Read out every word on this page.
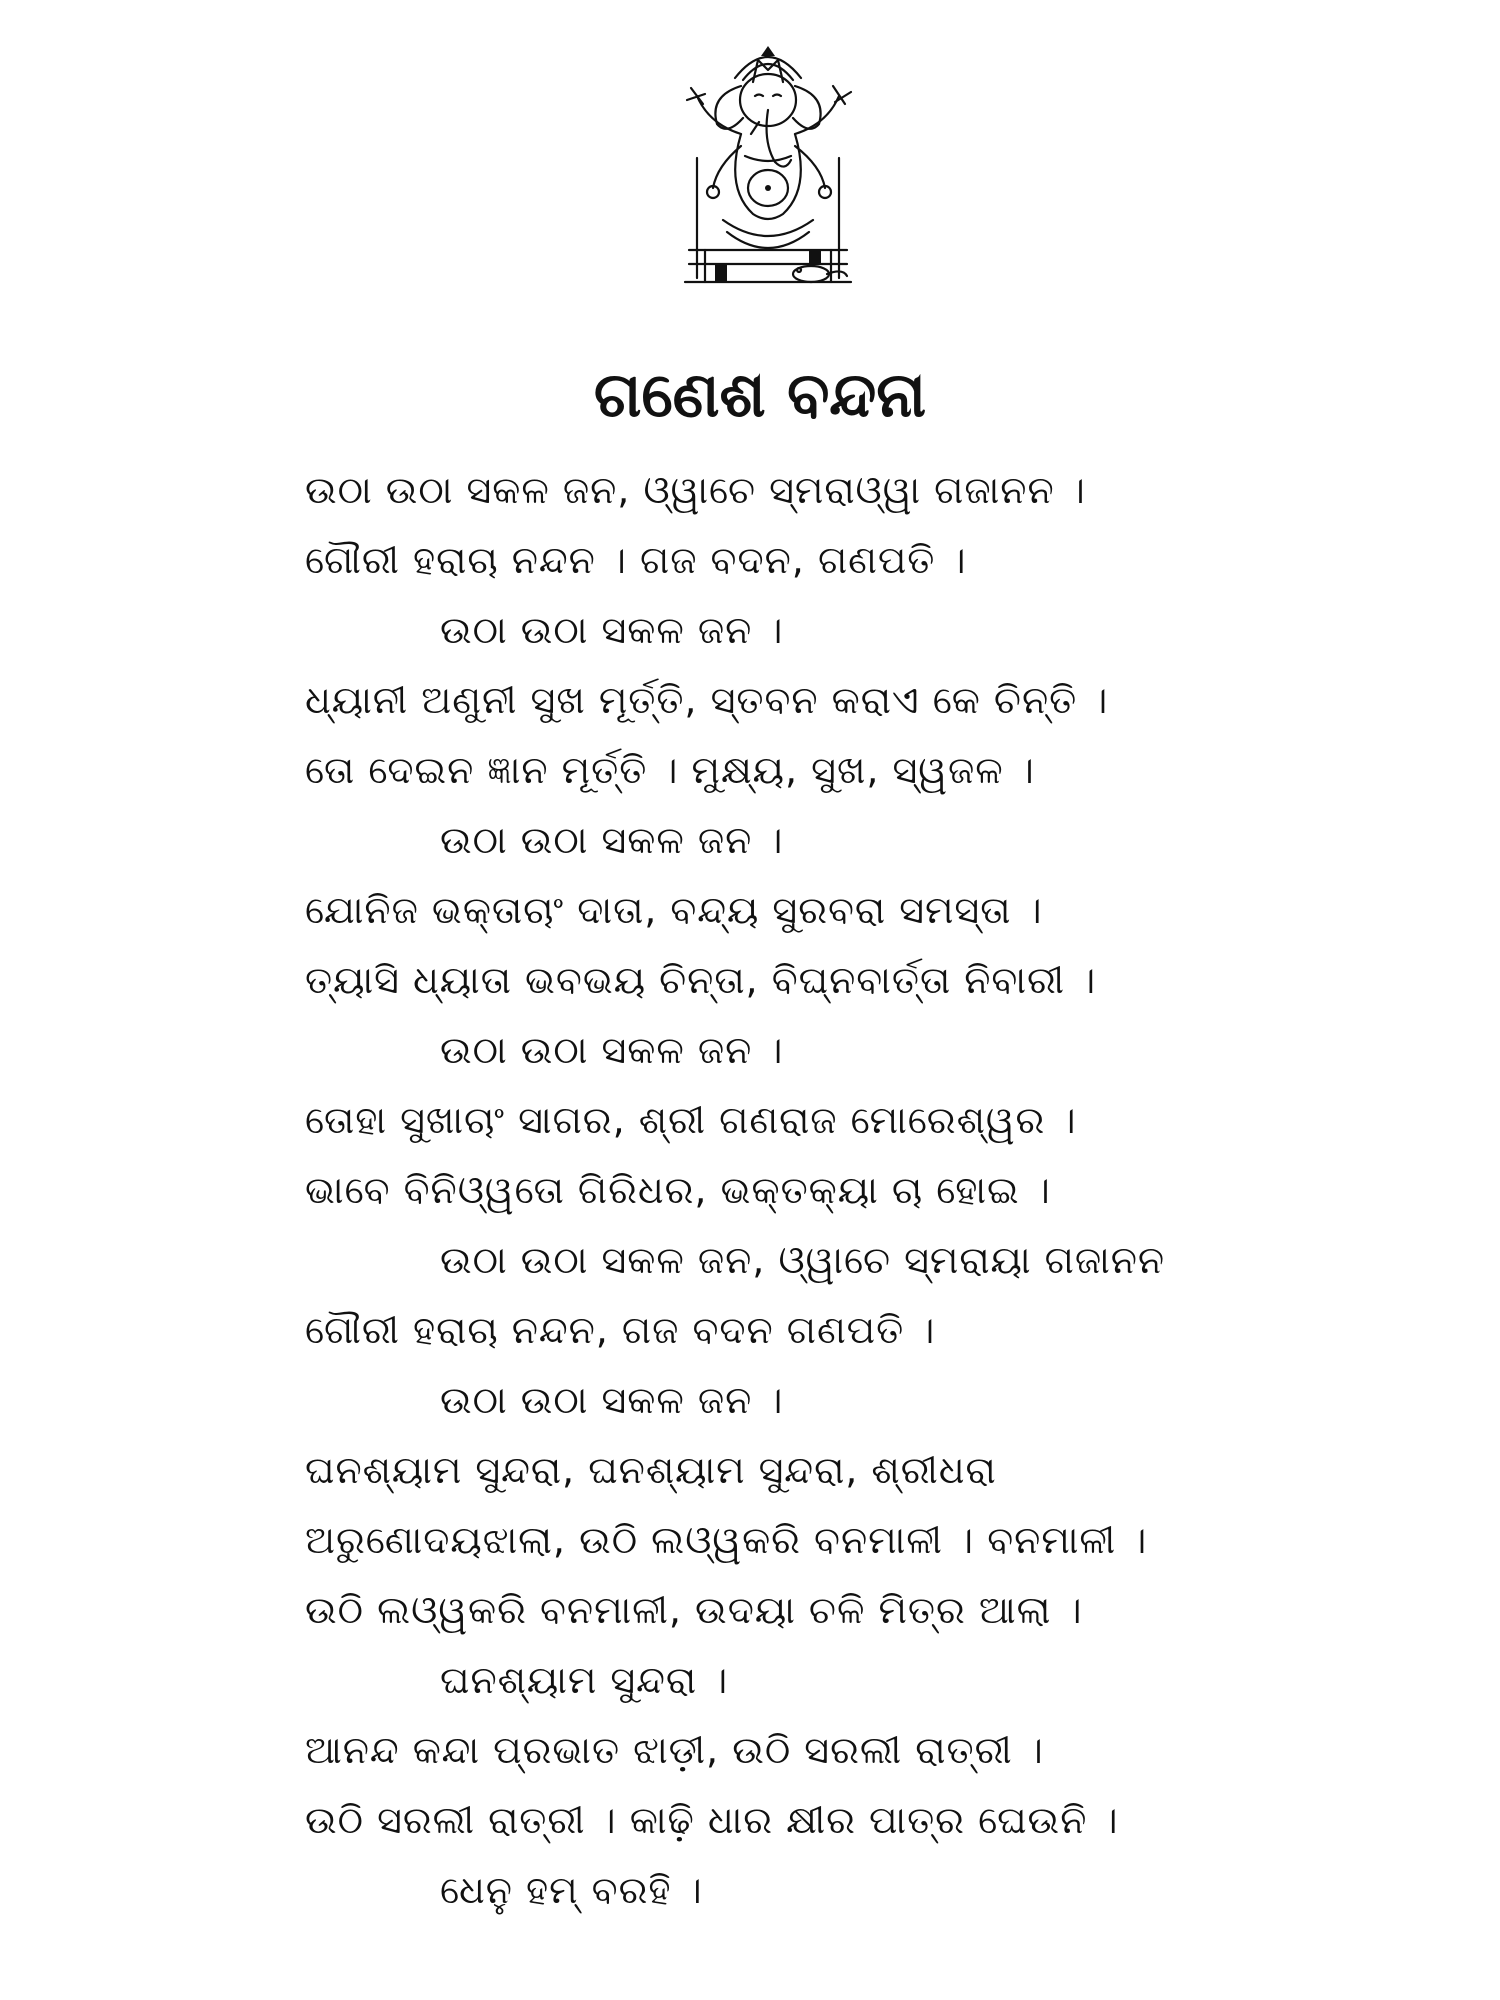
ଗଣେଶ ବନ୍ଦନା
ଉଠା ଉଠା ସକଳ ଜନ, ଓ୍ୱାଚେ ସ୍ମରାଓ୍ୱା ଗଜାନନ ।
ଗୌରୀ ହରାଚା ନନ୍ଦନ । ଗଜ ବଦନ, ଗଣପତି ।
ଉଠା ଉଠା ସକଳ ଜନ ।
ଧ୍ୟାନୀ ଅଣୁନୀ ସୁଖ ମୂର୍ତ୍ତି, ସ୍ତବନ କରାଏ କେ ଚିନ୍ତି ।
ତୋ ଦେଇନ ଜ୍ଞାନ ମୂର୍ତ୍ତି । ମୁକ୍ଷ୍ୟ, ସୁଖ, ସ୍ୱଜଳ ।
ଉଠା ଉଠା ସକଳ ଜନ ।
ଯୋନିଜ ଭକ୍ତାଚାଂ ଦାତା, ବନ୍ଦ୍ୟ ସୁରବରା ସମସ୍ତା ।
ତ୍ୟାସି ଧ୍ୟାତା ଭବଭୟ ଚିନ୍ତା, ବିଘ୍ନବାର୍ତ୍ତା ନିବାରୀ ।
ଉଠା ଉଠା ସକଳ ଜନ ।
ତୋହା ସୁଖାଚାଂ ସାଗର, ଶ୍ରୀ ଗଣରାଜ ମୋରେଶ୍ୱର ।
ଭାବେ ବିନିଓ୍ୱତୋ ଗିରିଧର, ଭକ୍ତକ୍ୟା ଚା ହୋଇ ।
ଉଠା ଉଠା ସକଳ ଜନ, ଓ୍ୱାଚେ ସ୍ମରାୟା ଗଜାନନ
ଗୌରୀ ହରାଚା ନନ୍ଦନ, ଗଜ ବଦନ ଗଣପତି ।
ଉଠା ଉଠା ସକଳ ଜନ ।
ଘନଶ୍ୟାମ ସୁନ୍ଦରା, ଘନଶ୍ୟାମ ସୁନ୍ଦରା, ଶ୍ରୀଧରା
ଅରୁଣୋଦୟଝାଲା, ଉଠି ଲଓ୍ୱକରି ବନମାଳୀ । ବନମାଳୀ ।
ଉଠି ଲଓ୍ୱକରି ବନମାଳୀ, ଉଦୟା ଚଳି ମିତ୍ର ଆଲା ।
ଘନଶ୍ୟାମ ସୁନ୍ଦରା ।
ଆନନ୍ଦ କନ୍ଦା ପ୍ରଭାତ ଝାଡ଼ୀ, ଉଠି ସରଲୀ ରାତ୍ରୀ ।
ଉଠି ସରଲୀ ରାତ୍ରୀ । କାଢ଼ି ଧାର କ୍ଷୀର ପାତ୍ର ଘେଉନି ।
ଧେନୁ ହମ୍ ବରହି ।
